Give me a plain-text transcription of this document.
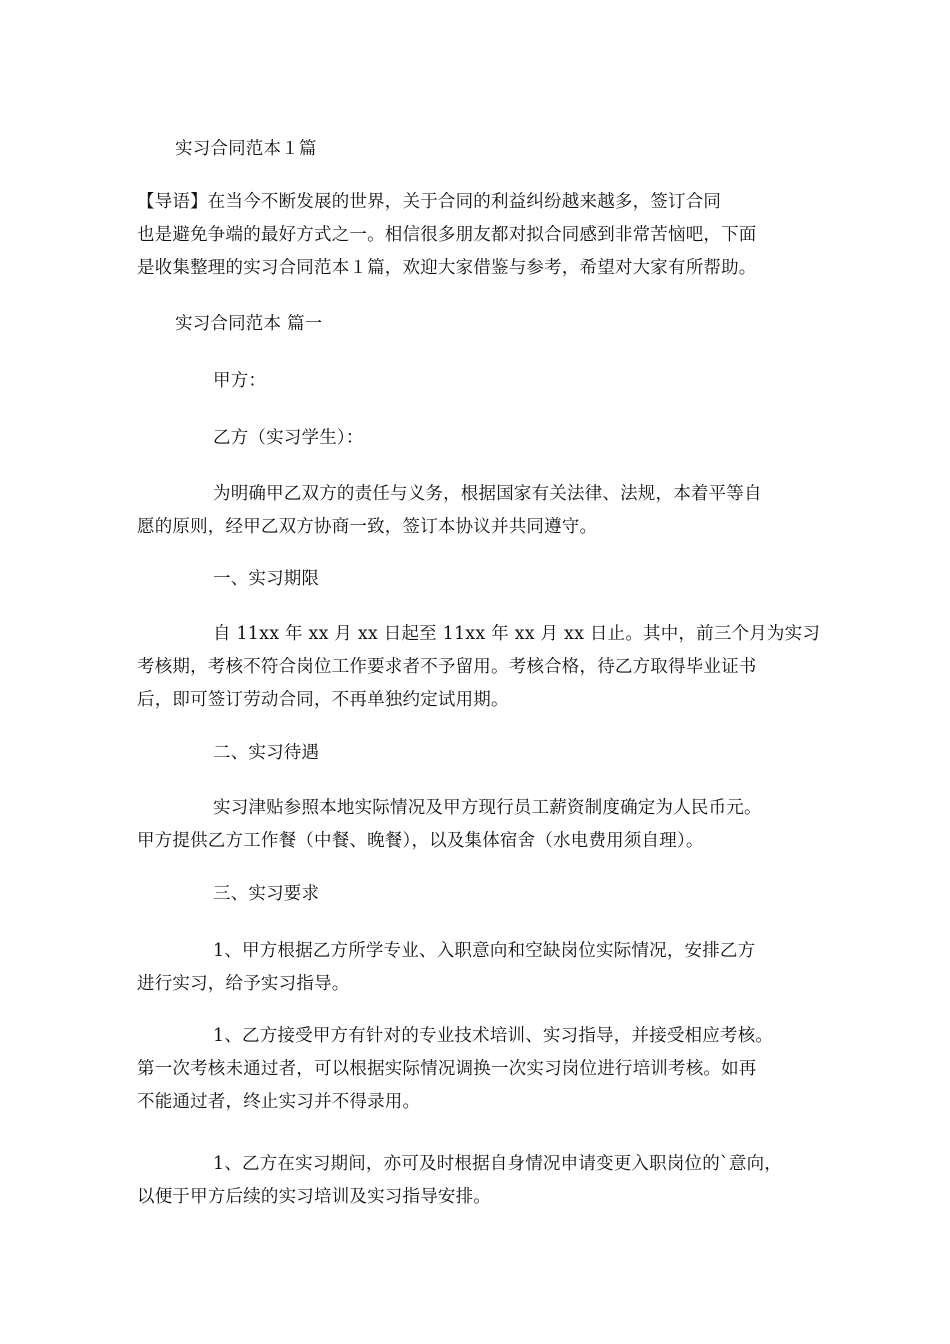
实习合同范本１篇
【导语】在当今不断发展的世界，关于合同的利益纠纷越来越多，签订合同
也是避免争端的最好方式之一。相信很多朋友都对拟合同感到非常苦恼吧，下面
是收集整理的实习合同范本１篇，欢迎大家借鉴与参考，希望对大家有所帮助。
实习合同范本 篇一
甲方：
乙方（实习学生）：
为明确甲乙双方的责任与义务，根据国家有关法律、法规，本着平等自
愿的原则，经甲乙双方协商一致，签订本协议并共同遵守。
一、实习期限
自 11xx 年 xx 月 xx 日起至 11xx 年 xx 月 xx 日止。其中，前三个月为实习
考核期，考核不符合岗位工作要求者不予留用。考核合格，待乙方取得毕业证书
后，即可签订劳动合同，不再单独约定试用期。
二、实习待遇
实习津贴参照本地实际情况及甲方现行员工薪资制度确定为人民币元。
甲方提供乙方工作餐（中餐、晚餐），以及集体宿舍（水电费用须自理）。
三、实习要求
1、甲方根据乙方所学专业、入职意向和空缺岗位实际情况，安排乙方
进行实习，给予实习指导。
1、乙方接受甲方有针对的专业技术培训、实习指导，并接受相应考核。
第一次考核未通过者，可以根据实际情况调换一次实习岗位进行培训考核。如再
不能通过者，终止实习并不得录用。
1、乙方在实习期间，亦可及时根据自身情况申请变更入职岗位的`意向，
以便于甲方后续的实习培训及实习指导安排。
